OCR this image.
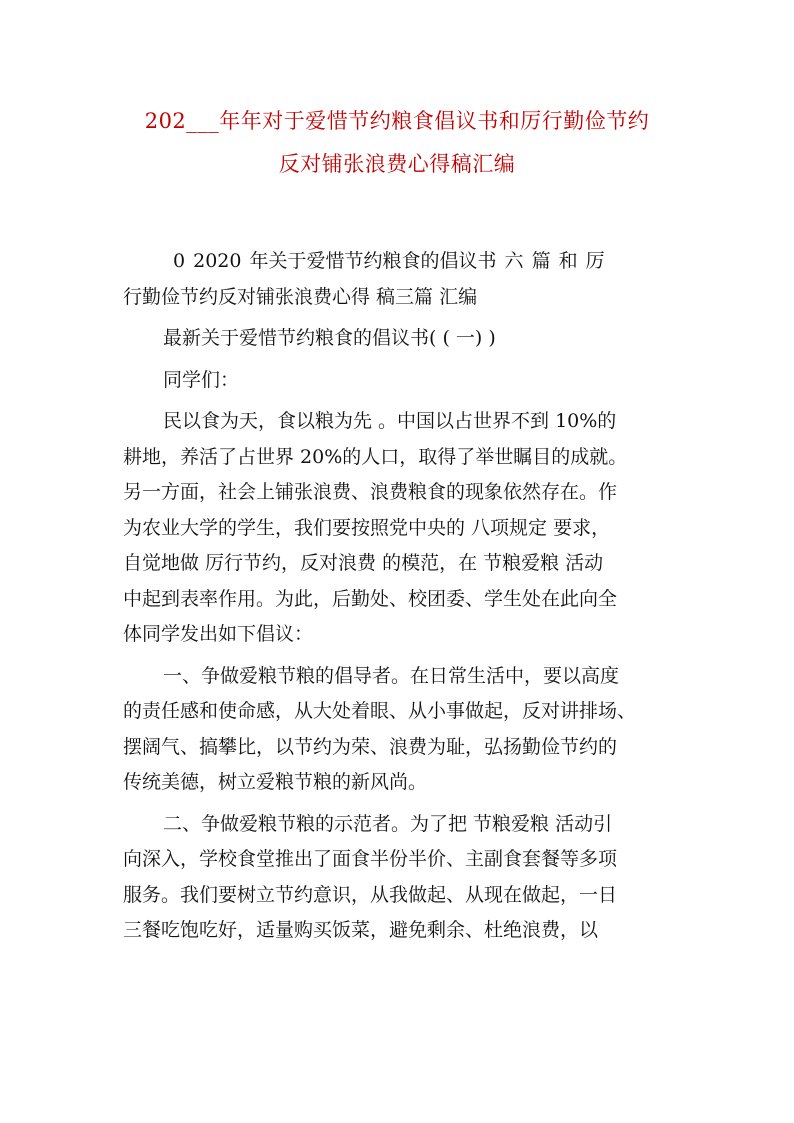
202___年年对于爱惜节约粮食倡议书和厉行勤俭节约
反对铺张浪费心得稿汇编
0 2020 年关于爱惜节约粮食的倡议书 六 篇 和 厉
行勤俭节约反对铺张浪费心得 稿三篇 汇编
最新关于爱惜节约粮食的倡议书( ( 一) )
同学们：
民以食为天，食以粮为先 。中国以占世界不到 10%的
耕地，养活了占世界 20%的人口，取得了举世瞩目的成就。
另一方面，社会上铺张浪费、浪费粮食的现象依然存在。作
为农业大学的学生，我们要按照党中央的 八项规定 要求，
自觉地做 厉行节约，反对浪费 的模范，在 节粮爱粮 活动
中起到表率作用。为此，后勤处、校团委、学生处在此向全
体同学发出如下倡议：
一、争做爱粮节粮的倡导者。在日常生活中，要以高度
的责任感和使命感，从大处着眼、从小事做起，反对讲排场、
摆阔气、搞攀比，以节约为荣、浪费为耻，弘扬勤俭节约的
传统美德，树立爱粮节粮的新风尚。
二、争做爱粮节粮的示范者。为了把 节粮爱粮 活动引
向深入，学校食堂推出了面食半份半价、主副食套餐等多项
服务。我们要树立节约意识，从我做起、从现在做起，一日
三餐吃饱吃好，适量购买饭菜，避免剩余、杜绝浪费，以
